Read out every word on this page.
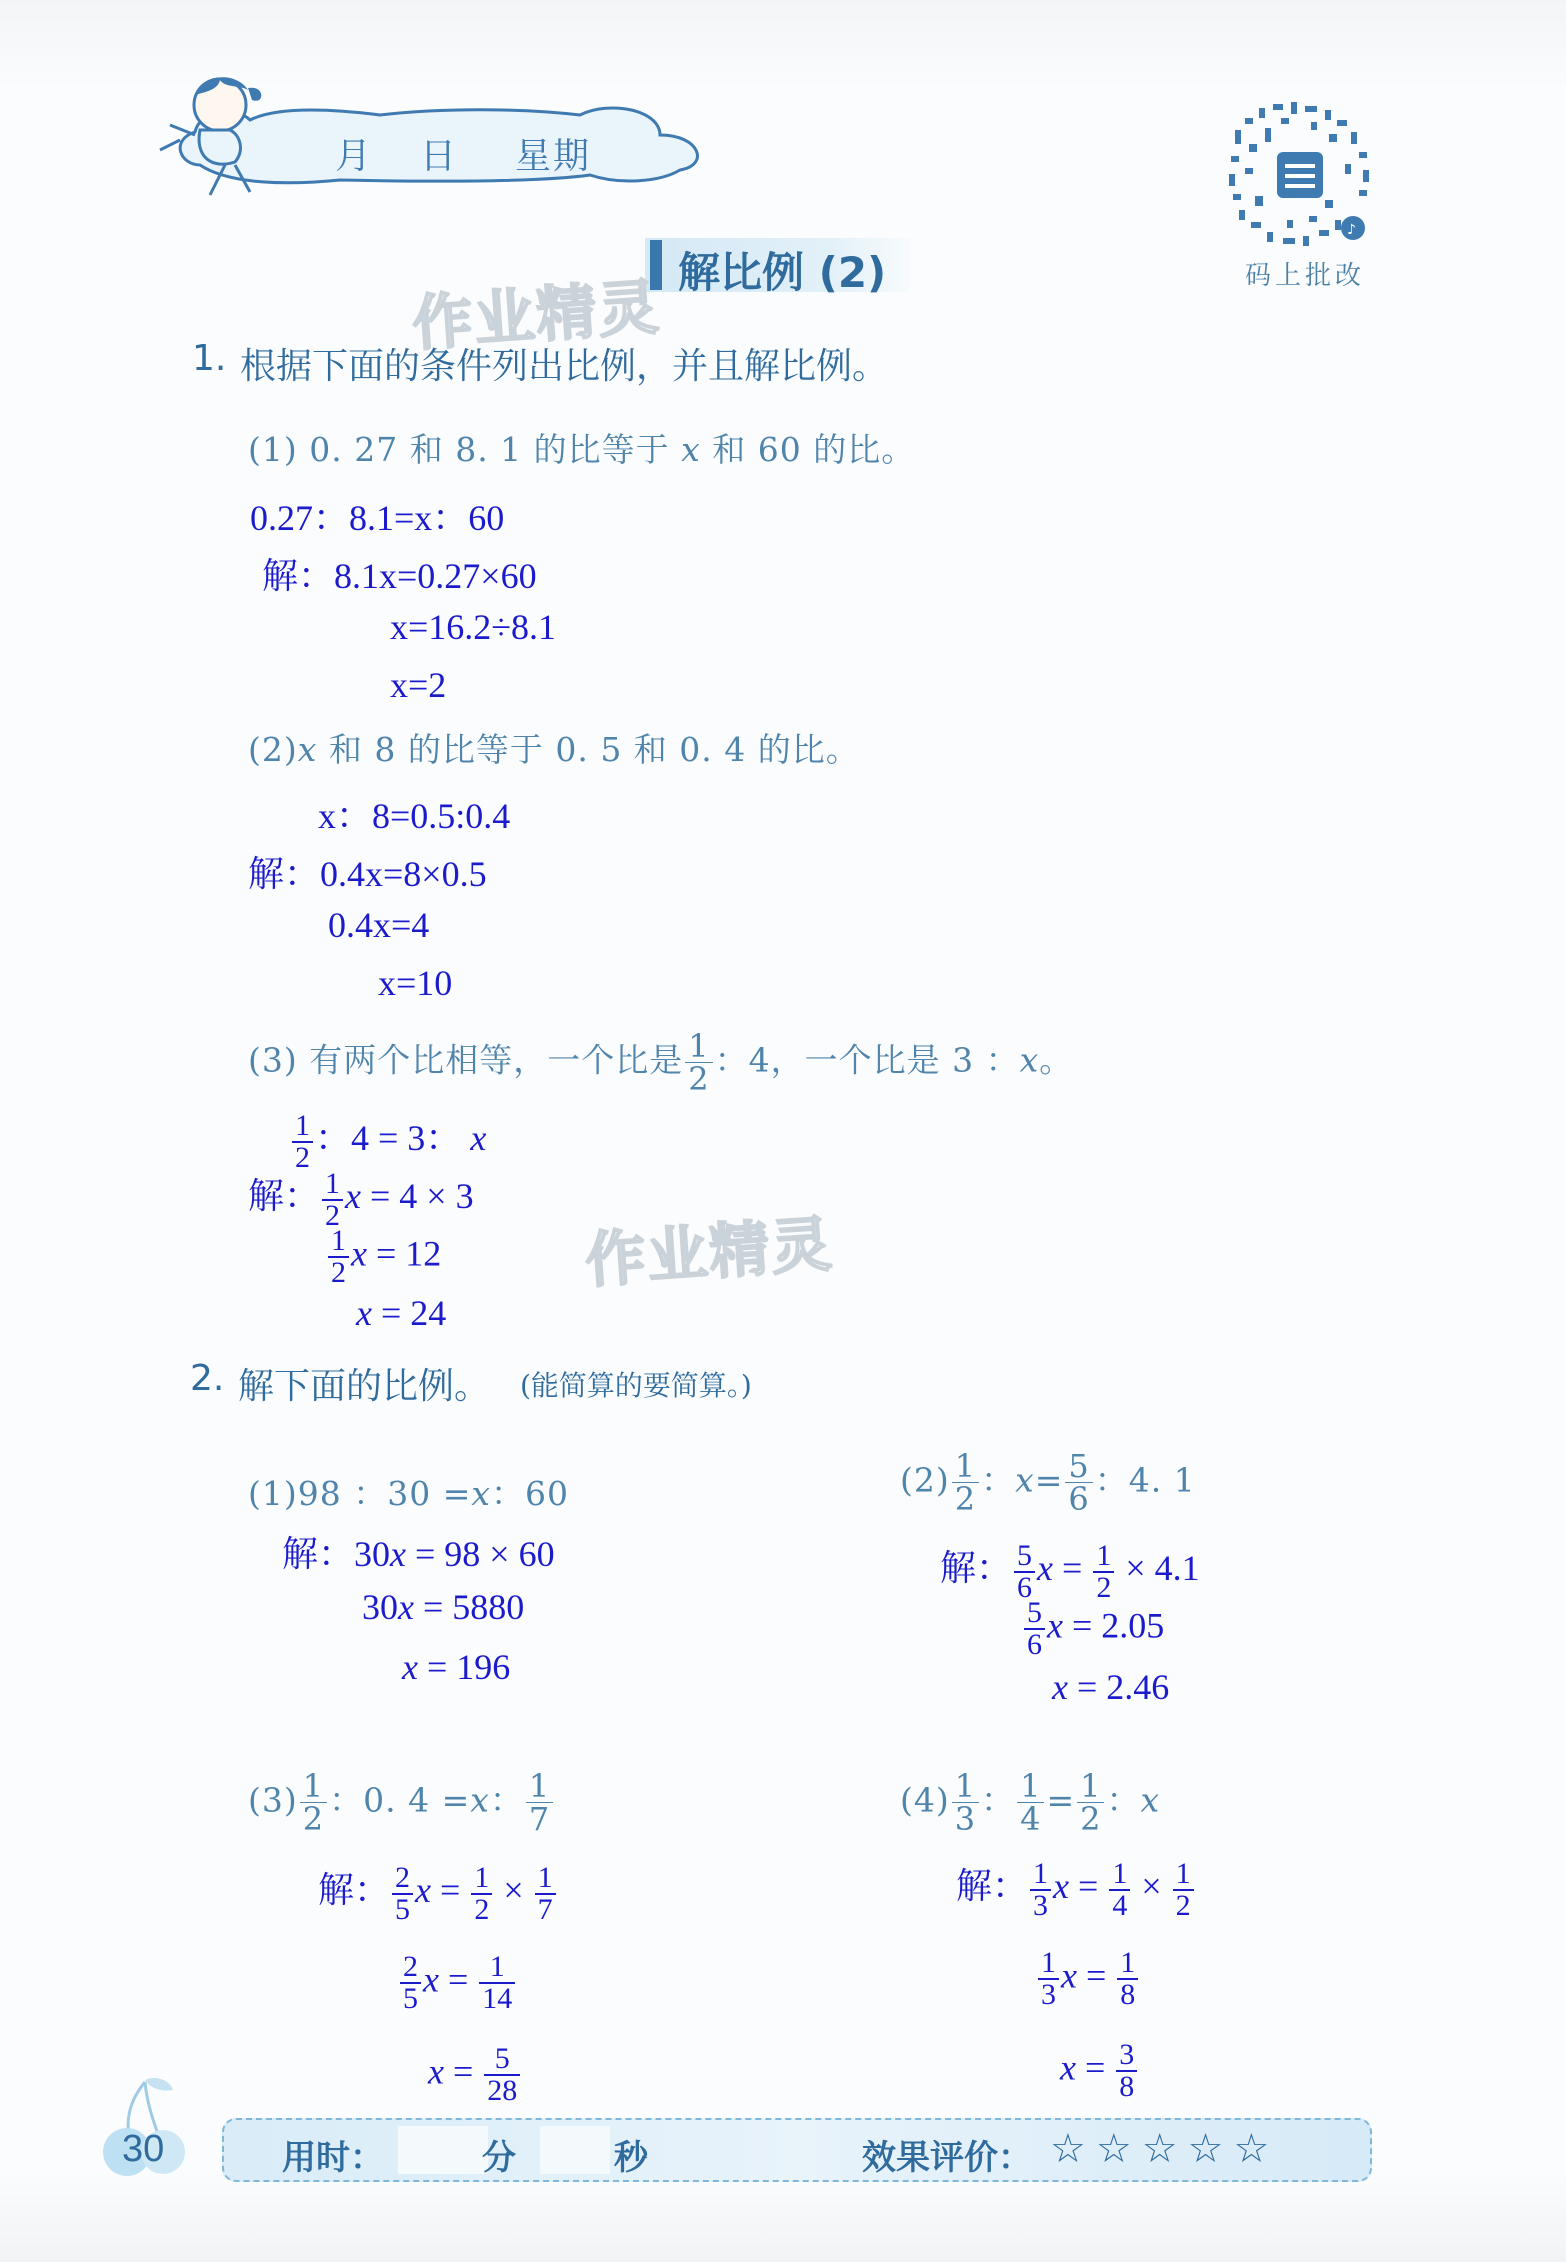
月 日 星期
♪
码上批改
解比例 (2)
作业精灵
作业精灵
1. 根据下面的条件列出比例，并且解比例。
(1) 0. 27 和 8. 1 的比等于 x 和 60 的比。
0.27：8.1=x：60
解：8.1x=0.27×60
x=16.2÷8.1
x=2
(2)x 和 8 的比等于 0. 5 和 0. 4 的比。
x：8=0.5:0.4
解：0.4x=8×0.5
0.4x=4
x=10
(3) 有两个比相等，一个比是 $\frac{1}{2}$ ：4，一个比是 3 ：x。
$\frac{1}{2}$ ：4 = 3： x
解： $\frac{1}{2}$ x = 4 × 3
$\frac{1}{2}$ x = 12
x = 24
2. 解下面的比例。 (能简算的要简算。)
(1)98 ：30 =x：60
解：30x = 98 × 60
30x = 5880
x = 196
$(2) \frac{1}{2}$ ：$x= \frac{5}{6}$ ：4. 1
解： $\frac{5}{6}$ $x = \frac{1}{2} \times 4.1$
$\frac{5}{6}$ x = 2.05
x = 2.46
$(3) \frac{1}{2}$ ：0. 4 =x： $\frac{1}{7}$
解： $\frac{2}{5}$ $x = \frac{1}{2} \times \frac{1}{7}$
$\frac{2}{5}$ $x = \frac{1}{14}$
$x = \frac{5}{28}$
$(4) \frac{1}{3}$ ： $\frac{1}{4} = \frac{1}{2}$ ：x
解： $\frac{1}{3}$ $x = \frac{1}{4} \times \frac{1}{2}$
$\frac{1}{3}$ $x = \frac{1}{8}$
$x = \frac{3}{8}$
30	用时：	分	秒	效果评价： ☆☆☆☆☆
